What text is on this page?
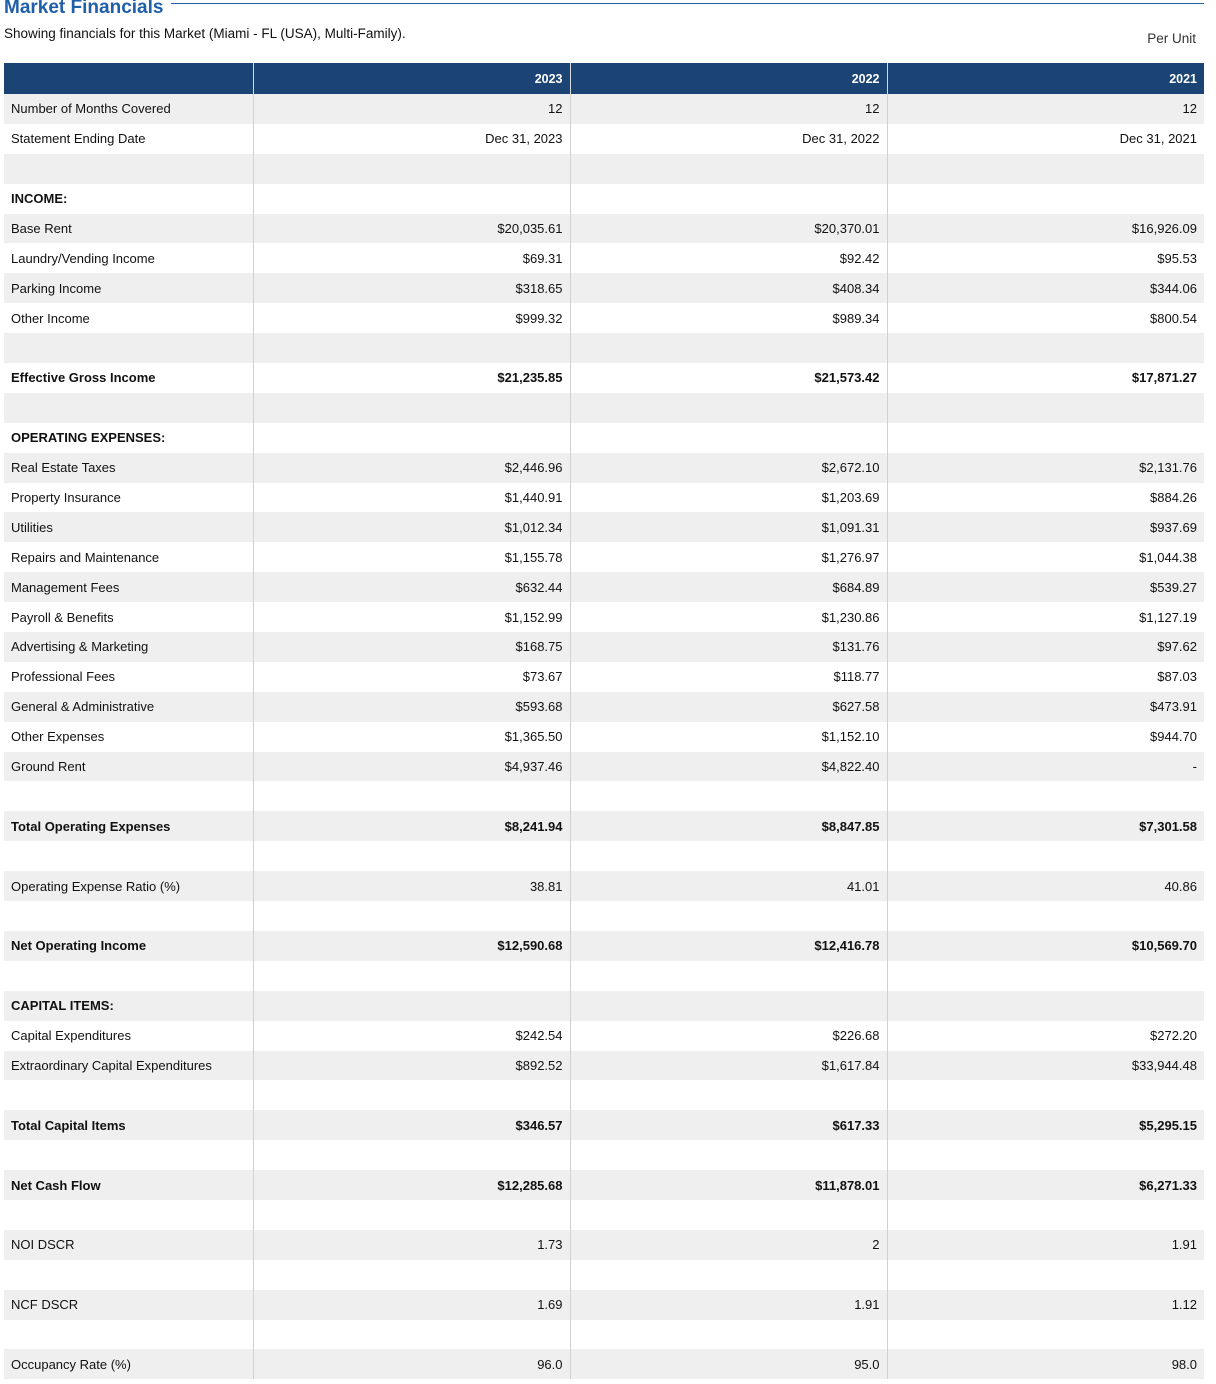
Market Financials
Showing financials for this Market (Miami - FL (USA), Multi-Family).	Per Unit
	2023	2022	2021
Number of Months Covered	12	12	12
Statement Ending Date	Dec 31, 2023	Dec 31, 2022	Dec 31, 2021

INCOME:			
Base Rent	$20,035.61	$20,370.01	$16,926.09
Laundry/Vending Income	$69.31	$92.42	$95.53
Parking Income	$318.65	$408.34	$344.06
Other Income	$999.32	$989.34	$800.54

Effective Gross Income	$21,235.85	$21,573.42	$17,871.27

OPERATING EXPENSES:			
Real Estate Taxes	$2,446.96	$2,672.10	$2,131.76
Property Insurance	$1,440.91	$1,203.69	$884.26
Utilities	$1,012.34	$1,091.31	$937.69
Repairs and Maintenance	$1,155.78	$1,276.97	$1,044.38
Management Fees	$632.44	$684.89	$539.27
Payroll & Benefits	$1,152.99	$1,230.86	$1,127.19
Advertising & Marketing	$168.75	$131.76	$97.62
Professional Fees	$73.67	$118.77	$87.03
General & Administrative	$593.68	$627.58	$473.91
Other Expenses	$1,365.50	$1,152.10	$944.70
Ground Rent	$4,937.46	$4,822.40	-

Total Operating Expenses	$8,241.94	$8,847.85	$7,301.58

Operating Expense Ratio (%)	38.81	41.01	40.86

Net Operating Income	$12,590.68	$12,416.78	$10,569.70

CAPITAL ITEMS:			
Capital Expenditures	$242.54	$226.68	$272.20
Extraordinary Capital Expenditures	$892.52	$1,617.84	$33,944.48

Total Capital Items	$346.57	$617.33	$5,295.15

Net Cash Flow	$12,285.68	$11,878.01	$6,271.33

NOI DSCR	1.73	2	1.91

NCF DSCR	1.69	1.91	1.12

Occupancy Rate (%)	96.0	95.0	98.0
